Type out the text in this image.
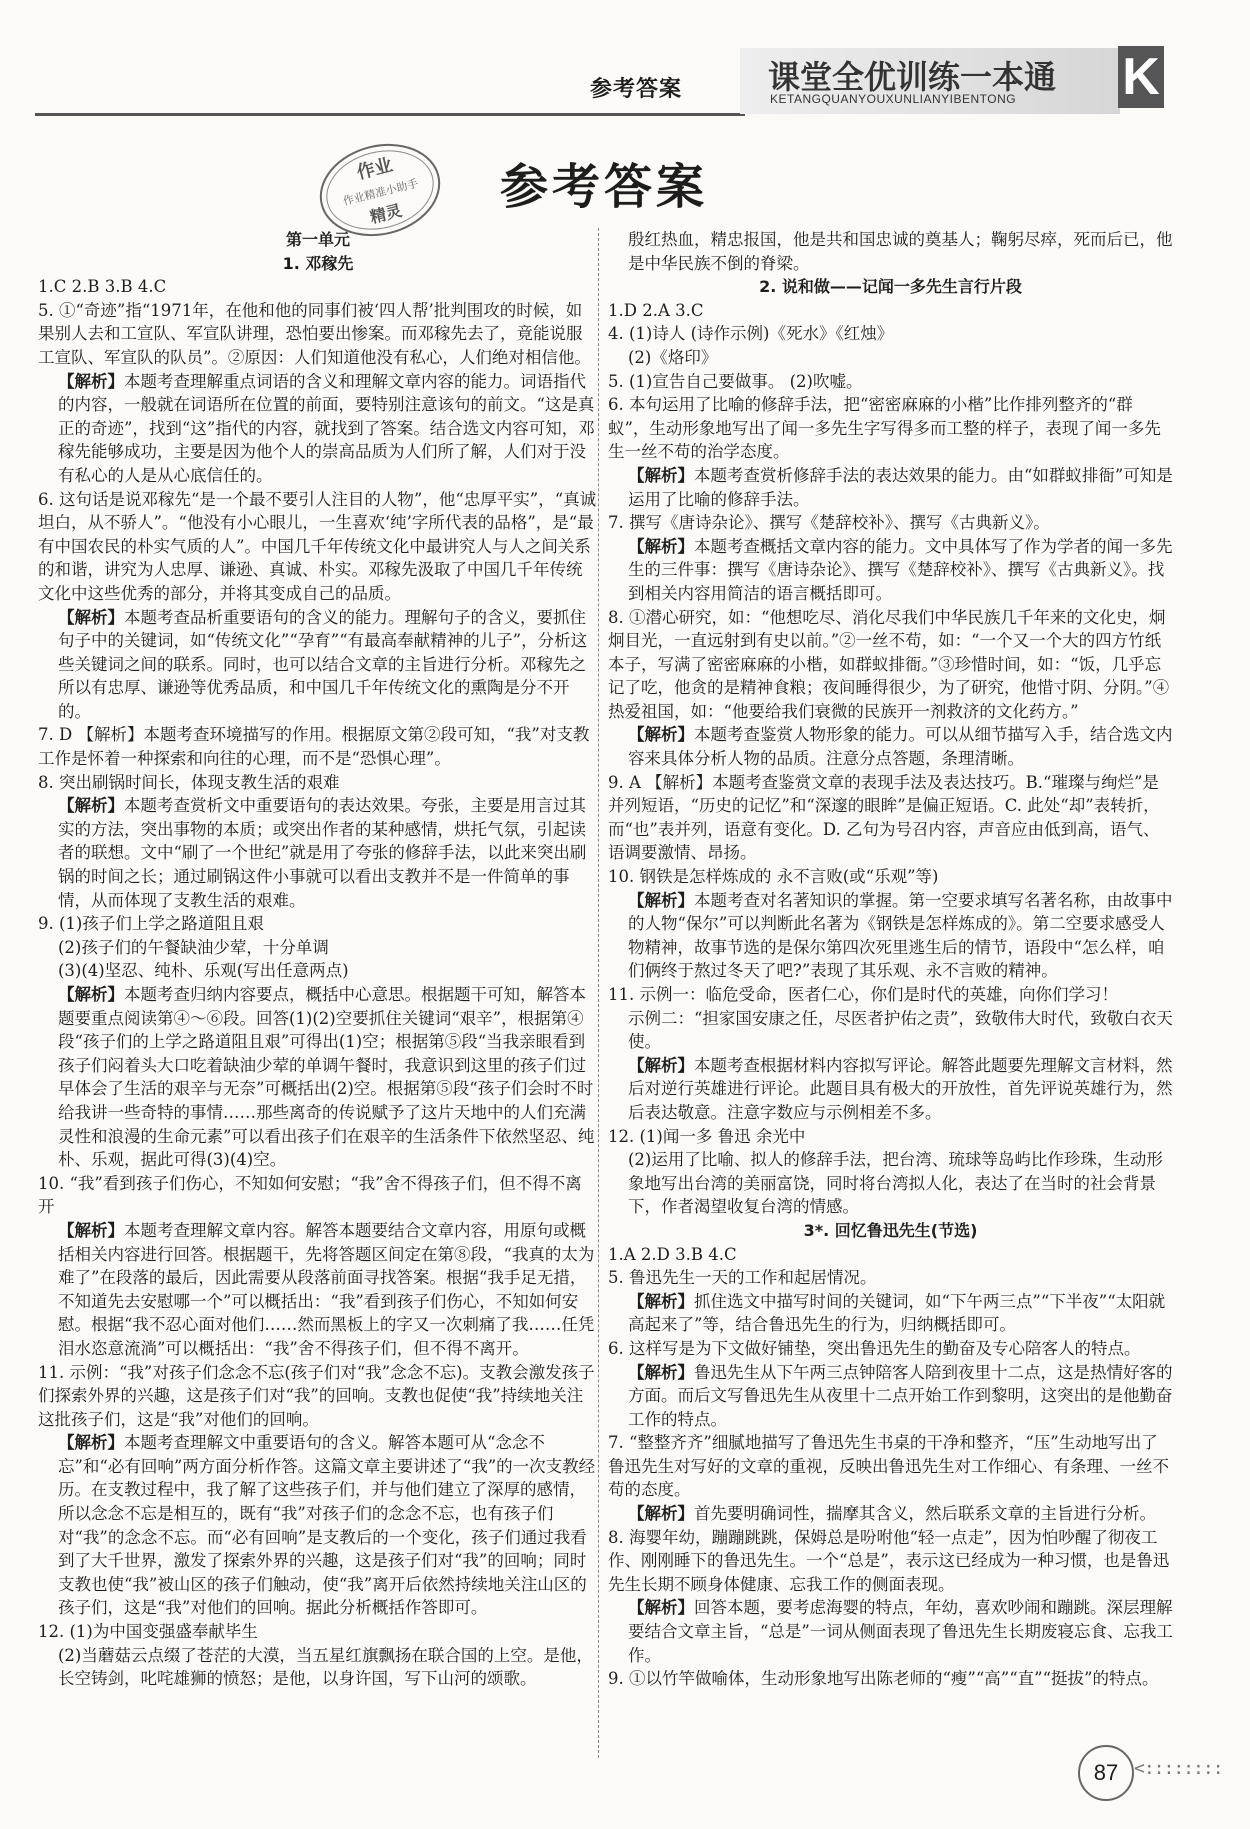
参考答案	课堂全优训练一本通
KETANGQUANYOUXUNLIANYIBENTONG K
作业
作业精准小助手
精灵 参考答案
第一单元
1. 邓稼先
1.C 2.B 3.B 4.C
5. ①“奇迹”指“1971年，在他和他的同事们被‘四人帮’批判围攻的时候，如果别人去和工宣队、军宣队讲理，恐怕要出惨案。而邓稼先去了，竟能说服工宣队、军宣队的队员”。②原因：人们知道他没有私心，人们绝对相信他。
【解析】本题考查理解重点词语的含义和理解文章内容的能力。词语指代的内容，一般就在词语所在位置的前面，要特别注意该句的前文。“这是真正的奇迹”，找到“这”指代的内容，就找到了答案。结合选文内容可知，邓稼先能够成功，主要是因为他个人的崇高品质为人们所了解，人们对于没有私心的人是从心底信任的。
6. 这句话是说邓稼先“是一个最不要引人注目的人物”，他“忠厚平实”，“真诚坦白，从不骄人”。“他没有小心眼儿，一生喜欢‘纯’字所代表的品格”，是“最有中国农民的朴实气质的人”。中国几千年传统文化中最讲究人与人之间关系的和谐，讲究为人忠厚、谦逊、真诚、朴实。邓稼先汲取了中国几千年传统文化中这些优秀的部分，并将其变成自己的品质。
【解析】本题考查品析重要语句的含义的能力。理解句子的含义，要抓住句子中的关键词，如“传统文化”“孕育”“有最高奉献精神的儿子”，分析这些关键词之间的联系。同时，也可以结合文章的主旨进行分析。邓稼先之所以有忠厚、谦逊等优秀品质，和中国几千年传统文化的熏陶是分不开的。
7. D 【解析】本题考查环境描写的作用。根据原文第②段可知，“我”对支教工作是怀着一种探索和向往的心理，而不是“恐惧心理”。
8. 突出刷锅时间长，体现支教生活的艰难
【解析】本题考查赏析文中重要语句的表达效果。夸张，主要是用言过其实的方法，突出事物的本质；或突出作者的某种感情，烘托气氛，引起读者的联想。文中“刷了一个世纪”就是用了夸张的修辞手法，以此来突出刷锅的时间之长；通过刷锅这件小事就可以看出支教并不是一件简单的事情，从而体现了支教生活的艰难。
9. (1)孩子们上学之路道阻且艰
(2)孩子们的午餐缺油少荤，十分单调
(3)(4)坚忍、纯朴、乐观(写出任意两点)
【解析】本题考查归纳内容要点，概括中心意思。根据题干可知，解答本题要重点阅读第④～⑥段。回答(1)(2)空要抓住关键词“艰辛”，根据第④段“孩子们的上学之路道阻且艰”可得出(1)空；根据第⑤段“当我亲眼看到孩子们闷着头大口吃着缺油少荤的单调午餐时，我意识到这里的孩子们过早体会了生活的艰辛与无奈”可概括出(2)空。根据第⑤段“孩子们会时不时给我讲一些奇特的事情……那些离奇的传说赋予了这片天地中的人们充满灵性和浪漫的生命元素”可以看出孩子们在艰辛的生活条件下依然坚忍、纯朴、乐观，据此可得(3)(4)空。
10. “我”看到孩子们伤心，不知如何安慰；“我”舍不得孩子们，但不得不离开
【解析】本题考查理解文章内容。解答本题要结合文章内容，用原句或概括相关内容进行回答。根据题干，先将答题区间定在第⑧段，“我真的太为难了”在段落的最后，因此需要从段落前面寻找答案。根据“我手足无措，不知道先去安慰哪一个”可以概括出：“我”看到孩子们伤心，不知如何安慰。根据“我不忍心面对他们……然而黑板上的字又一次刺痛了我……任凭泪水恣意流淌”可以概括出：“我”舍不得孩子们，但不得不离开。
11. 示例：“我”对孩子们念念不忘(孩子们对“我”念念不忘)。支教会激发孩子们探索外界的兴趣，这是孩子们对“我”的回响。支教也促使“我”持续地关注这批孩子们，这是“我”对他们的回响。
【解析】本题考查理解文中重要语句的含义。解答本题可从“念念不忘”和“必有回响”两方面分析作答。这篇文章主要讲述了“我”的一次支教经历。在支教过程中，我了解了这些孩子们，并与他们建立了深厚的感情，所以念念不忘是相互的，既有“我”对孩子们的念念不忘，也有孩子们对“我”的念念不忘。而“必有回响”是支教后的一个变化，孩子们通过我看到了大千世界，激发了探索外界的兴趣，这是孩子们对“我”的回响；同时支教也使“我”被山区的孩子们触动，使“我”离开后依然持续地关注山区的孩子们，这是“我”对他们的回响。据此分析概括作答即可。
12. (1)为中国变强盛奉献毕生
(2)当蘑菇云点缀了苍茫的大漠，当五星红旗飘扬在联合国的上空。是他，长空铸剑，叱咤雄狮的愤怒；是他，以身许国，写下山河的颂歌。
殷红热血，精忠报国，他是共和国忠诚的奠基人；鞠躬尽瘁，死而后已，他是中华民族不倒的脊梁。
2. 说和做——记闻一多先生言行片段
1.D 2.A 3.C
4. (1)诗人 (诗作示例)《死水》《红烛》
(2)《烙印》
5. (1)宣告自己要做事。 (2)吹嘘。
6. 本句运用了比喻的修辞手法，把“密密麻麻的小楷”比作排列整齐的“群蚁”，生动形象地写出了闻一多先生字写得多而工整的样子，表现了闻一多先生一丝不苟的治学态度。
【解析】本题考查赏析修辞手法的表达效果的能力。由“如群蚁排衙”可知是运用了比喻的修辞手法。
7. 撰写《唐诗杂论》、撰写《楚辞校补》、撰写《古典新义》。
【解析】本题考查概括文章内容的能力。文中具体写了作为学者的闻一多先生的三件事：撰写《唐诗杂论》、撰写《楚辞校补》、撰写《古典新义》。找到相关内容用简洁的语言概括即可。
8. ①潜心研究，如：“他想吃尽、消化尽我们中华民族几千年来的文化史，炯炯目光，一直远射到有史以前。”②一丝不苟，如：“一个又一个大的四方竹纸本子，写满了密密麻麻的小楷，如群蚁排衙。”③珍惜时间，如：“饭，几乎忘记了吃，他贪的是精神食粮；夜间睡得很少，为了研究，他惜寸阴、分阴。”④热爱祖国，如：“他要给我们衰微的民族开一剂救济的文化药方。”
【解析】本题考查鉴赏人物形象的能力。可以从细节描写入手，结合选文内容来具体分析人物的品质。注意分点答题，条理清晰。
9. A 【解析】本题考查鉴赏文章的表现手法及表达技巧。B.“璀璨与绚烂”是并列短语，“历史的记忆”和“深邃的眼眸”是偏正短语。C. 此处“却”表转折，而“也”表并列，语意有变化。D. 乙句为号召内容，声音应由低到高，语气、语调要激情、昂扬。
10. 钢铁是怎样炼成的 永不言败(或“乐观”等)
【解析】本题考查对名著知识的掌握。第一空要求填写名著名称，由故事中的人物“保尔”可以判断此名著为《钢铁是怎样炼成的》。第二空要求感受人物精神，故事节选的是保尔第四次死里逃生后的情节，语段中“怎么样，咱们俩终于熬过冬天了吧?”表现了其乐观、永不言败的精神。
11. 示例一：临危受命，医者仁心，你们是时代的英雄，向你们学习！
示例二：“担家国安康之任，尽医者护佑之责”，致敬伟大时代，致敬白衣天使。
【解析】本题考查根据材料内容拟写评论。解答此题要先理解文言材料，然后对逆行英雄进行评论。此题目具有极大的开放性，首先评说英雄行为，然后表达敬意。注意字数应与示例相差不多。
12. (1)闻一多 鲁迅 余光中
(2)运用了比喻、拟人的修辞手法，把台湾、琉球等岛屿比作珍珠，生动形象地写出台湾的美丽富饶，同时将台湾拟人化，表达了在当时的社会背景下，作者渴望收复台湾的情感。
3*. 回忆鲁迅先生(节选)
1.A 2.D 3.B 4.C
5. 鲁迅先生一天的工作和起居情况。
【解析】抓住选文中描写时间的关键词，如“下午两三点”“下半夜”“太阳就高起来了”等，结合鲁迅先生的行为，归纳概括即可。
6. 这样写是为下文做好铺垫，突出鲁迅先生的勤奋及专心陪客人的特点。
【解析】鲁迅先生从下午两三点钟陪客人陪到夜里十二点，这是热情好客的方面。而后文写鲁迅先生从夜里十二点开始工作到黎明，这突出的是他勤奋工作的特点。
7. “整整齐齐”细腻地描写了鲁迅先生书桌的干净和整齐，“压”生动地写出了鲁迅先生对写好的文章的重视，反映出鲁迅先生对工作细心、有条理、一丝不苟的态度。
【解析】首先要明确词性，揣摩其含义，然后联系文章的主旨进行分析。
8. 海婴年幼，蹦蹦跳跳，保姆总是吩咐他“轻一点走”，因为怕吵醒了彻夜工作、刚刚睡下的鲁迅先生。一个“总是”，表示这已经成为一种习惯，也是鲁迅先生长期不顾身体健康、忘我工作的侧面表现。
【解析】回答本题，要考虑海婴的特点，年幼，喜欢吵闹和蹦跳。深层理解要结合文章主旨，“总是”一词从侧面表现了鲁迅先生长期废寝忘食、忘我工作。
9. ①以竹竿做喻体，生动形象地写出陈老师的“瘦”“高”“直”“挺拔”的特点。
87 <::::::::
